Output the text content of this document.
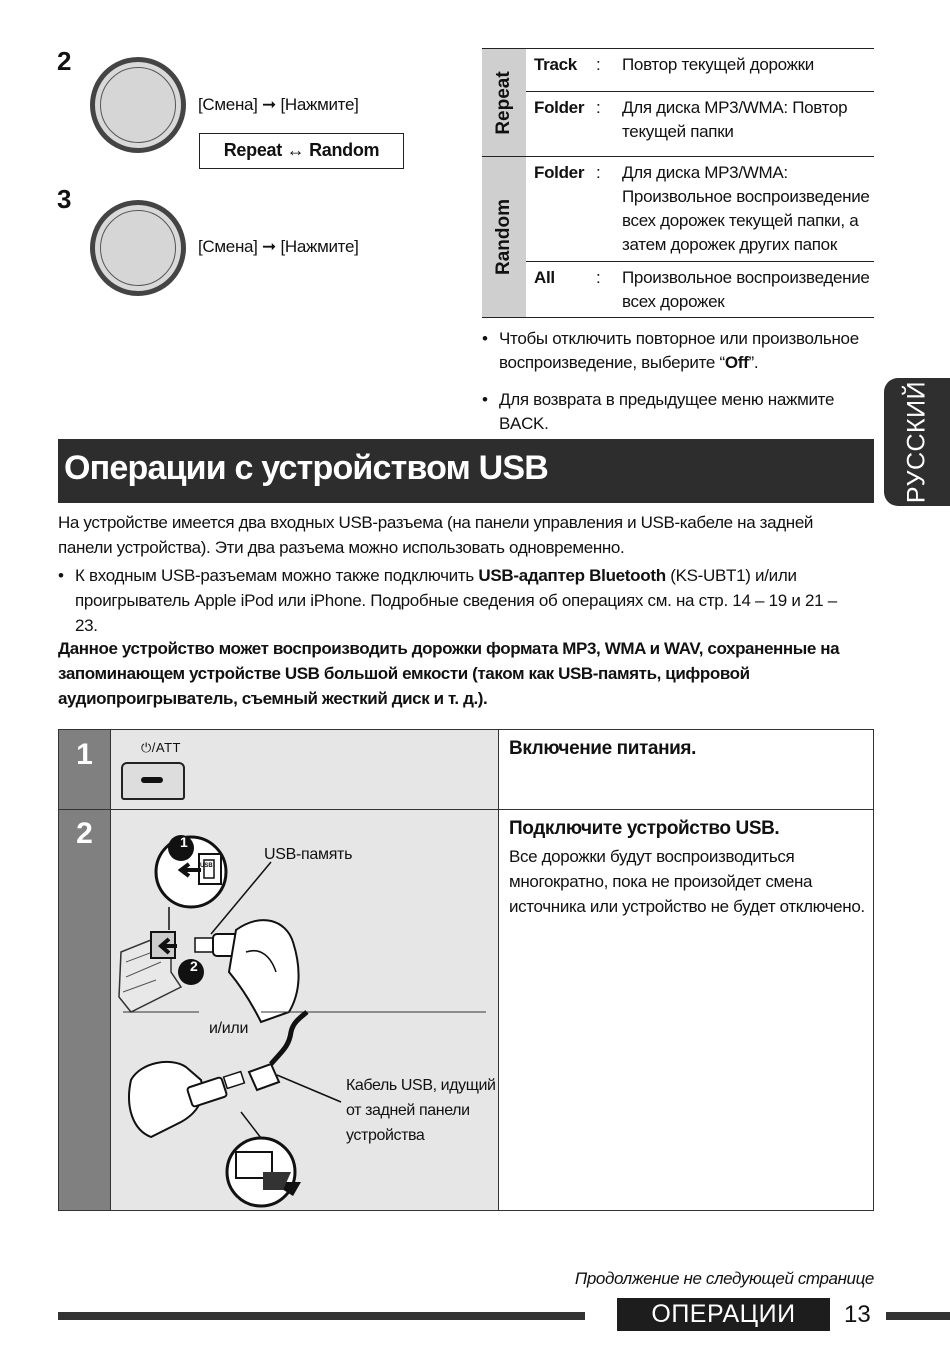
2
[Смена] ➞ [Нажмите]
Repeat ↔ Random
3
[Смена] ➞ [Нажмите]
Repeat
Track	:	Повтор текущей дорожки
Folder :	Для диска MP3/WMA: Повтор текущей папки
Random
Folder :	Для диска MP3/WMA: Произвольное воспроизведение всех дорожек текущей папки, а затем дорожек других папок
All	:	Произвольное воспроизведение всех дорожек
• Чтобы отключить повторное или произвольное воспроизведение, выберите “Off”.
• Для возврата в предыдущее меню нажмите BACK.	РУССКИЙ
Операции с устройством USB
На устройстве имеется два входных USB-разъема (на панели управления и USB-кабеле на задней панели устройства). Эти два разъема можно использовать одновременно.
• К входным USB-разъемам можно также подключить USB-адаптер Bluetooth (KS-UBT1) и/или проигрыватель Apple iPod или iPhone. Подробные сведения об операциях см. на стр. 14 – 19 и 21 – 23.
Данное устройство может воспроизводить дорожки формата MP3, WMA и WAV, сохраненные на запоминающем устройстве USB большой емкости (таком как USB-память, цифровой аудиопроигрыватель, съемный жесткий диск и т. д.).
1
2
⏻/ATT	Включение питания.
Подключите устройство USB.
Все дорожки будут воспроизводиться многократно, пока не произойдет смена источника или устройство не будет отключено.
1
2
USB
USB-память
и/или
Кабель USB, идущий от задней панели устройства
Продолжение не следующей странице
ОПЕРАЦИИ	13
